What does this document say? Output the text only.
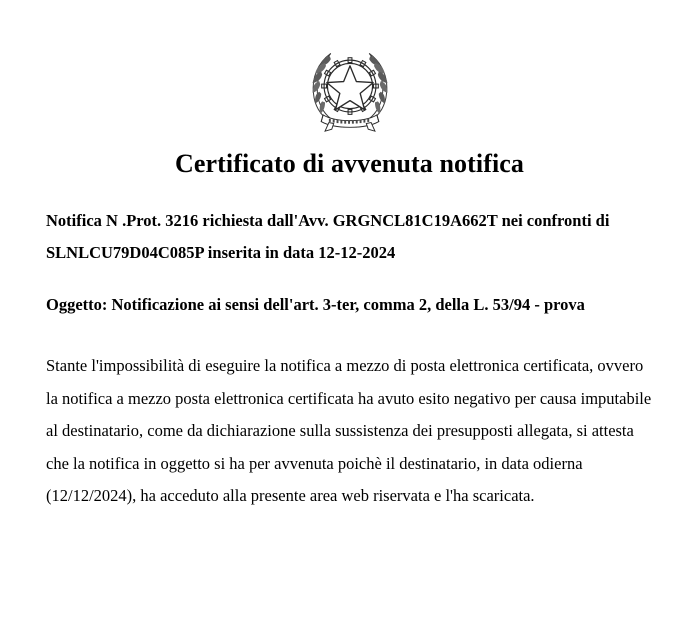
Certificato di avvenuta notifica

Notifica N .Prot. 3216 richiesta dall'Avv. GRGNCL81C19A662T nei confronti di SLNLCU79D04C085P inserita in data 12-12-2024

Oggetto: Notificazione ai sensi dell'art. 3-ter, comma 2, della L. 53/94 - prova

Stante l'impossibilità di eseguire la notifica a mezzo di posta elettronica certificata, ovvero la notifica a mezzo posta elettronica certificata ha avuto esito negativo per causa imputabile al destinatario, come da dichiarazione sulla sussistenza dei presupposti allegata, si attesta che la notifica in oggetto si ha per avvenuta poichè il destinatario, in data odierna (12/12/2024), ha acceduto alla presente area web riservata e l'ha scaricata.
